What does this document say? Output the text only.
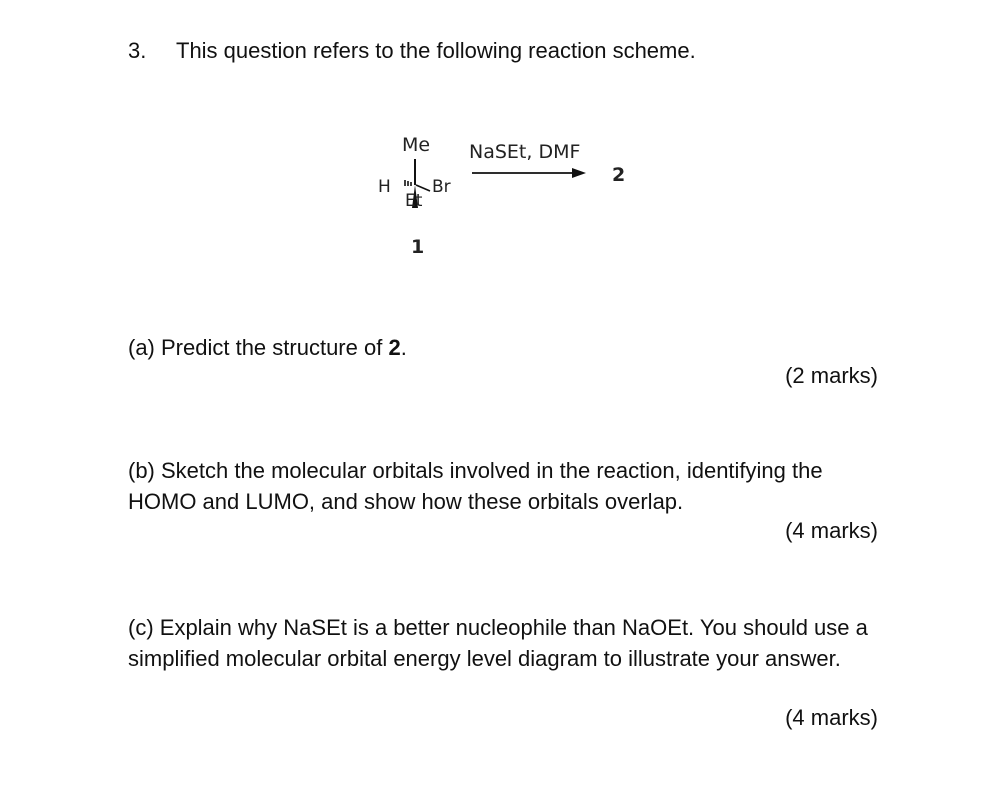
3. This question refers to the following reaction scheme.
Me
H Br
Et
1
NaSEt, DMF
2
(a) Predict the structure of 2.
(2 marks)
(b) Sketch the molecular orbitals involved in the reaction, identifying the HOMO and LUMO, and show how these orbitals overlap.
(4 marks)
(c) Explain why NaSEt is a better nucleophile than NaOEt. You should use a simplified molecular orbital energy level diagram to illustrate your answer.
(4 marks)
